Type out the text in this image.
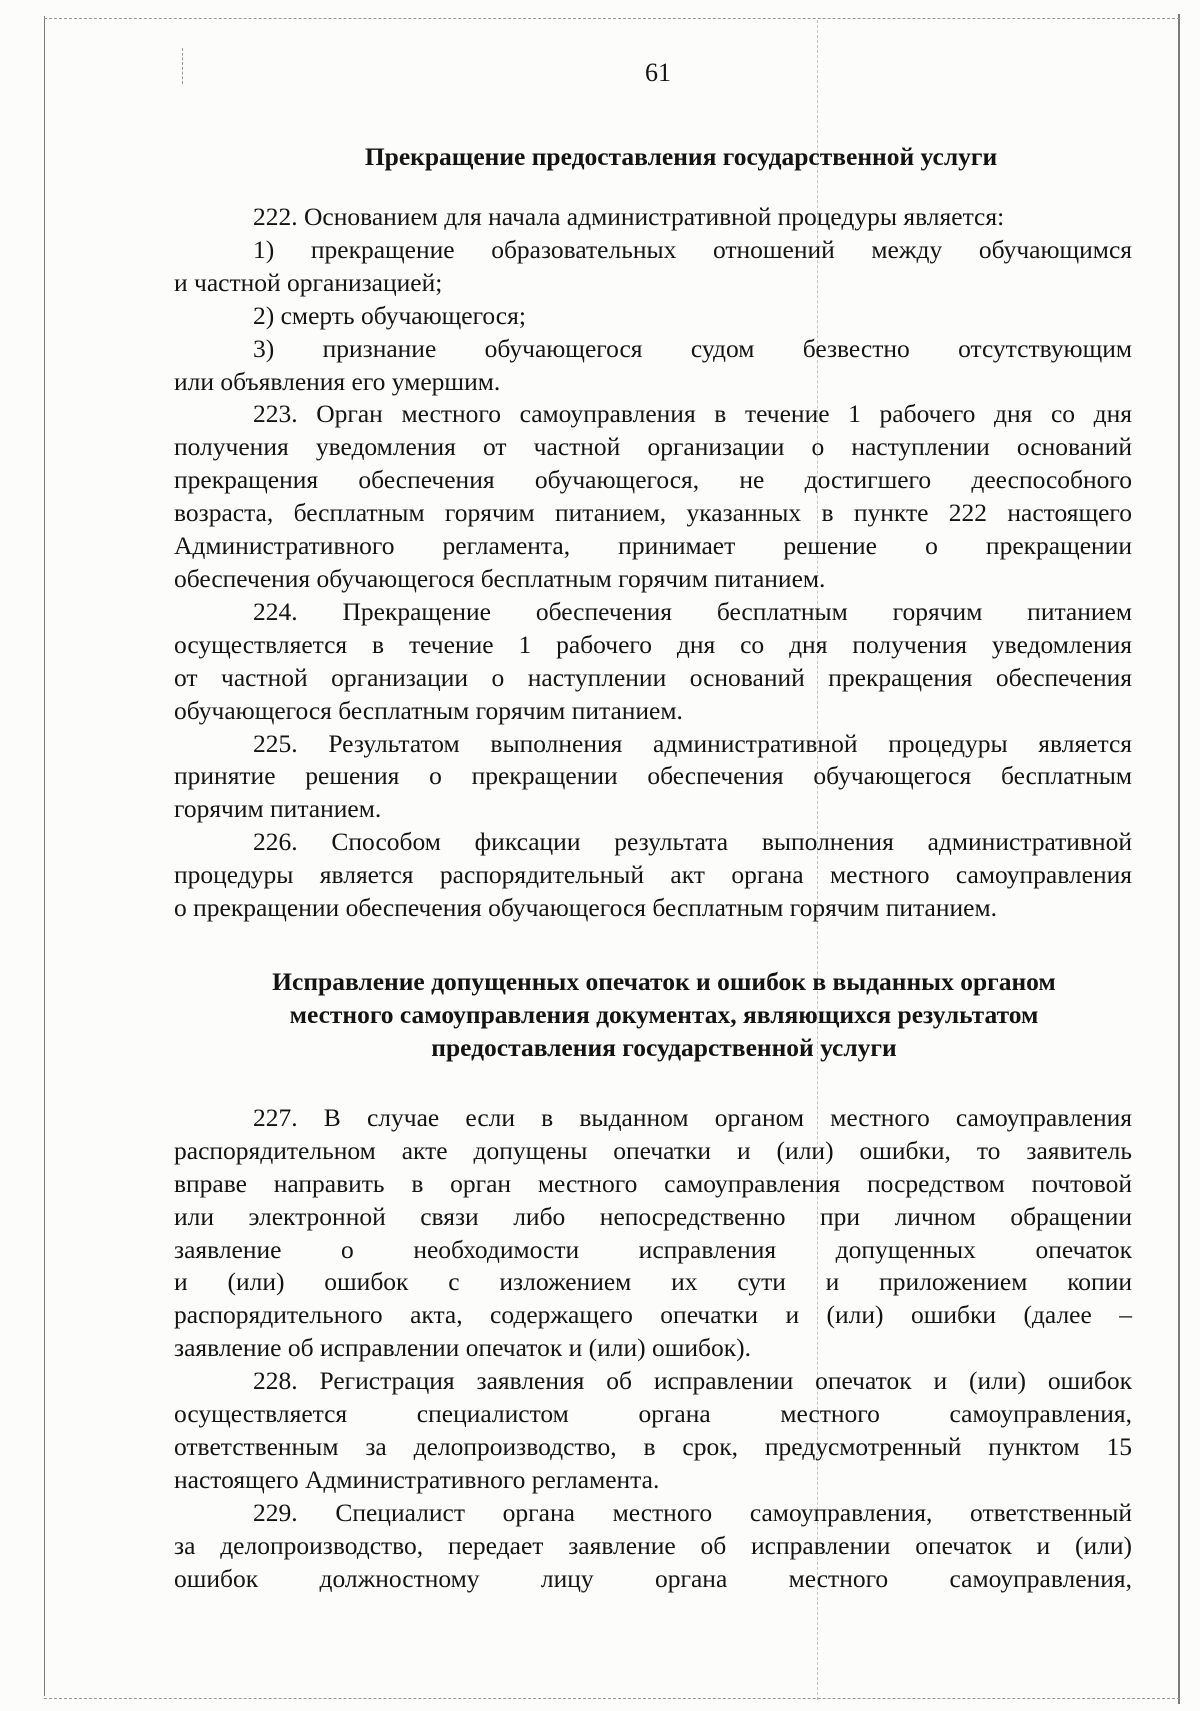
61
Прекращение предоставления государственной услуги

222. Основанием для начала административной процедуры является:

1) прекращение образовательных отношений между обучающимся

и частной организацией;

2) смерть обучающегося;

3) признание обучающегося судом безвестно отсутствующим

или объявления его умершим.

223. Орган местного самоуправления в течение 1 рабочего дня со дня

получения уведомления от частной организации о наступлении оснований

прекращения обеспечения обучающегося, не достигшего дееспособного

возраста, бесплатным горячим питанием, указанных в пункте 222 настоящего

Административного регламента, принимает решение о прекращении

обеспечения обучающегося бесплатным горячим питанием.

224. Прекращение обеспечения бесплатным горячим питанием

осуществляется в течение 1 рабочего дня со дня получения уведомления

от частной организации о наступлении оснований прекращения обеспечения

обучающегося бесплатным горячим питанием.

225. Результатом выполнения административной процедуры является

принятие решения о прекращении обеспечения обучающегося бесплатным

горячим питанием.

226. Способом фиксации результата выполнения административной

процедуры является распорядительный акт органа местного самоуправления

о прекращении обеспечения обучающегося бесплатным горячим питанием.

Исправление допущенных опечаток и ошибок в выданных органом
местного самоуправления документах, являющихся результатом
предоставления государственной услуги

227. В случае если в выданном органом местного самоуправления

распорядительном акте допущены опечатки и (или) ошибки, то заявитель

вправе направить в орган местного самоуправления посредством почтовой

или электронной связи либо непосредственно при личном обращении

заявление о необходимости исправления допущенных опечаток

и (или) ошибок с изложением их сути и приложением копии

распорядительного акта, содержащего опечатки и (или) ошибки (далее –

заявление об исправлении опечаток и (или) ошибок).

228. Регистрация заявления об исправлении опечаток и (или) ошибок

осуществляется специалистом органа местного самоуправления,

ответственным за делопроизводство, в срок, предусмотренный пунктом 15

настоящего Административного регламента.

229. Специалист органа местного самоуправления, ответственный

за делопроизводство, передает заявление об исправлении опечаток и (или)

ошибок должностному лицу органа местного самоуправления,
